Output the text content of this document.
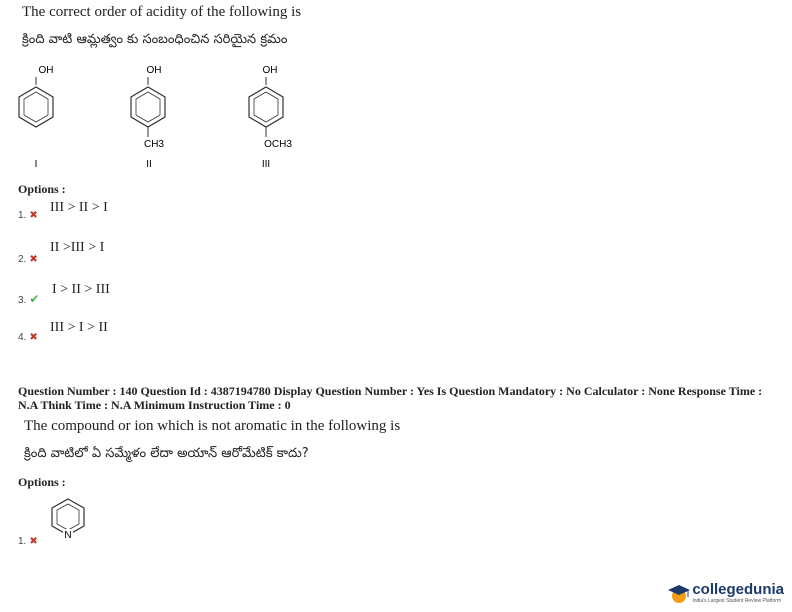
The correct order of acidity of the following is
క్రింది వాటి ఆమ్లత్వం కు సంబంధించిన సరియైన క్రమం
OH
I
OH
CH3
II
OH
OCH3
III
Options :
III > II > I
1. ✖
II >III > I
2. ✖
I > II > III
3. ✔
III > I > II
4. ✖
Question Number : 140 Question Id : 4387194780 Display Question Number : Yes Is Question Mandatory : No Calculator : None Response Time : N.A Think Time : N.A Minimum Instruction Time : 0
The compound or ion which is not aromatic in the following is
క్రింది వాటిలో ఏ సమ్మేళం లేదా అయాన్ ఆరోమేటిక్ కాదు?
Options :
N
1. ✖
collegedunia
India's Largest Student Review Platform
